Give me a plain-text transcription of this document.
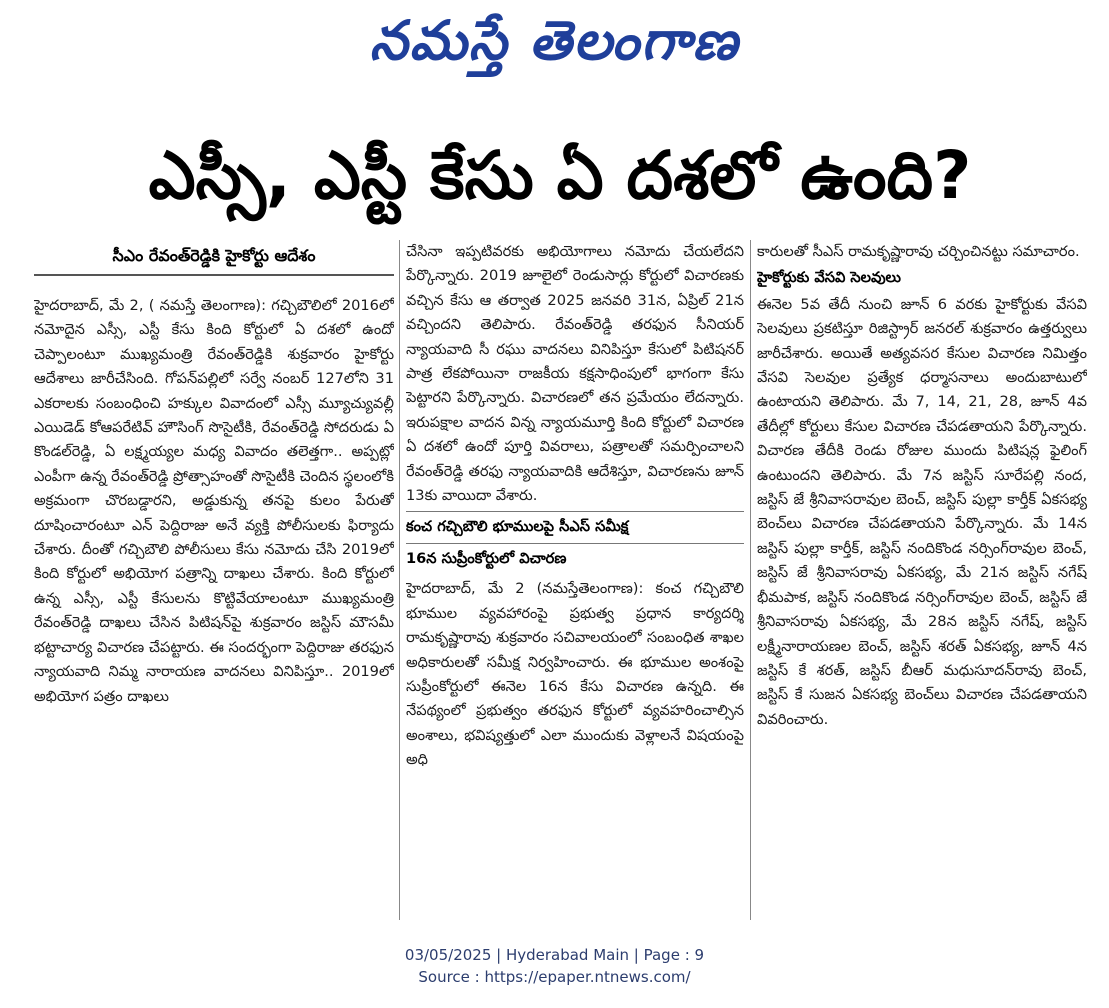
నమస్తే తెలంగాణ
ఎస్సీ, ఎస్టీ కేసు ఏ దశలో ఉంది?
సీఎం రేవంత్‌రెడ్డికి హైకోర్టు ఆదేశం

హైదరాబాద్, మే 2, ( నమస్తే తెలంగాణ): గచ్చిబౌలిలో 2016లో నమోదైన ఎస్సీ, ఎస్టీ కేసు కింది కోర్టులో ఏ దశలో ఉందో చెప్పాలంటూ ముఖ్యమంత్రి రేవంత్‌రెడ్డికి శుక్రవారం హైకోర్టు ఆదేశాలు జారీచేసింది. గోపన్‌పల్లిలో సర్వే నంబర్ 127లోని 31 ఎకరాలకు సంబంధించి హక్కుల వివాదంలో ఎస్సీ మ్యూచ్యువల్లీ ఎయిడెడ్ కోఆపరేటివ్ హౌసింగ్ సొసైటీకి, రేవంత్‌రెడ్డి సోదరుడు ఏ కొండల్‌రెడ్డి, ఏ లక్ష్మయ్యల మధ్య వివాదం తలెత్తగా.. అప్పట్లో ఎంపీగా ఉన్న రేవంత్‌రెడ్డి ప్రోత్సాహంతో సొసైటీకి చెందిన స్థలంలోకి అక్రమంగా చొరబడ్డారని, అడ్డుకున్న తనపై కులం పేరుతో దూషించారంటూ ఎన్ పెద్దిరాజు అనే వ్యక్తి పోలీసులకు ఫిర్యాదు చేశారు. దీంతో గచ్చిబౌలి పోలీసులు కేసు నమోదు చేసి 2019లో కింది కోర్టులో అభియోగ పత్రాన్ని దాఖలు చేశారు. కింది కోర్టులో ఉన్న ఎస్సీ, ఎస్టీ కేసులను కొట్టివేయాలంటూ ముఖ్యమంత్రి రేవంత్‌రెడ్డి దాఖలు చేసిన పిటిషన్‌పై శుక్రవారం జస్టిస్ మౌసమీ భట్టాచార్య విచారణ చేపట్టారు. ఈ సందర్భంగా పెద్దిరాజు తరఫున న్యాయవాది నిమ్మ నారాయణ వాదనలు వినిపిస్తూ.. 2019లో అభియోగ పత్రం దాఖలు

చేసినా ఇప్పటివరకు అభియోగాలు నమోదు చేయలేదని పేర్కొన్నారు. 2019 జూలైలో రెండుసార్లు కోర్టులో విచారణకు వచ్చిన కేసు ఆ తర్వాత 2025 జనవరి 31న, ఏప్రిల్ 21న వచ్చిందని తెలిపారు. రేవంత్‌రెడ్డి తరఫున సీనియర్ న్యాయవాది సీ రఘు వాదనలు వినిపిస్తూ కేసులో పిటిషనర్ పాత్ర లేకపోయినా రాజకీయ కక్షసాధింపులో భాగంగా కేసు పెట్టారని పేర్కొన్నారు. విచారణలో తన ప్రమేయం లేదన్నారు. ఇరుపక్షాల వాదన విన్న న్యాయమూర్తి కింది కోర్టులో విచారణ ఏ దశలో ఉందో పూర్తి వివరాలు, పత్రాలతో సమర్పించాలని రేవంత్‌రెడ్డి తరఫు న్యాయవాదికి ఆదేశిస్తూ, విచారణను జూన్ 13కు వాయిదా వేశారు.

కంచ గచ్చిబౌలి భూములపై సీఎస్ సమీక్ష
16న సుప్రీంకోర్టులో విచారణ

హైదరాబాద్, మే 2 (నమస్తేతెలంగాణ): కంచ గచ్చిబౌలి భూముల వ్యవహారంపై ప్రభుత్వ ప్రధాన కార్యదర్శి రామకృష్ణారావు శుక్రవారం సచివాలయంలో సంబంధిత శాఖల అధికారులతో సమీక్ష నిర్వహించారు. ఈ భూముల అంశంపై సుప్రీంకోర్టులో ఈనెల 16న కేసు విచారణ ఉన్నది. ఈ నేపథ్యంలో ప్రభుత్వం తరఫున కోర్టులో వ్యవహరించాల్సిన అంశాలు, భవిష్యత్తులో ఎలా ముందుకు వెళ్లాలనే విషయంపై అధి

కారులతో సీఎస్ రామకృష్ణారావు చర్చించినట్టు సమాచారం.

హైకోర్టుకు వేసవి సెలవులు

ఈనెల 5వ తేదీ నుంచి జూన్ 6 వరకు హైకోర్టుకు వేసవి సెలవులు ప్రకటిస్తూ రిజిస్ట్రార్ జనరల్ శుక్రవారం ఉత్తర్వులు జారీచేశారు. అయితే అత్యవసర కేసుల విచారణ నిమిత్తం వేసవి సెలవుల ప్రత్యేక ధర్మాసనాలు అందుబాటులో ఉంటాయని తెలిపారు. మే 7, 14, 21, 28, జూన్ 4వ తేదీల్లో కోర్టులు కేసుల విచారణ చేపడతాయని పేర్కొన్నారు. విచారణ తేదీకి రెండు రోజుల ముందు పిటిషన్ల ఫైలింగ్ ఉంటుందని తెలిపారు. మే 7న జస్టిస్ సూరేపల్లి నంద, జస్టిస్ జే శ్రీనివాసరావుల బెంచ్, జస్టిస్ పుల్లా కార్తీక్ ఏకసభ్య బెంచ్‌లు విచారణ చేపడతాయని పేర్కొన్నారు. మే 14న జస్టిస్ పుల్లా కార్తీక్, జస్టిస్ నందికొండ నర్సింగ్‌రావుల బెంచ్, జస్టిస్ జే శ్రీనివాసరావు ఏకసభ్య, మే 21న జస్టిస్ నగేష్ భీమపాక, జస్టిస్ నందికొండ నర్సింగ్‌రావుల బెంచ్, జస్టిస్ జే శ్రీనివాసరావు ఏకసభ్య, మే 28న జస్టిస్ నగేష్, జస్టిస్ లక్ష్మీనారాయణల బెంచ్, జస్టిస్ శరత్ ఏకసభ్య, జూన్ 4న జస్టిస్ కే శరత్, జస్టిస్ బీఆర్ మధుసూదన్‌రావు బెంచ్, జస్టిస్ కే సుజన ఏకసభ్య బెంచ్‌లు విచారణ చేపడతాయని వివరించారు.

03/05/2025 | Hyderabad Main | Page : 9
Source : https://epaper.ntnews.com/
